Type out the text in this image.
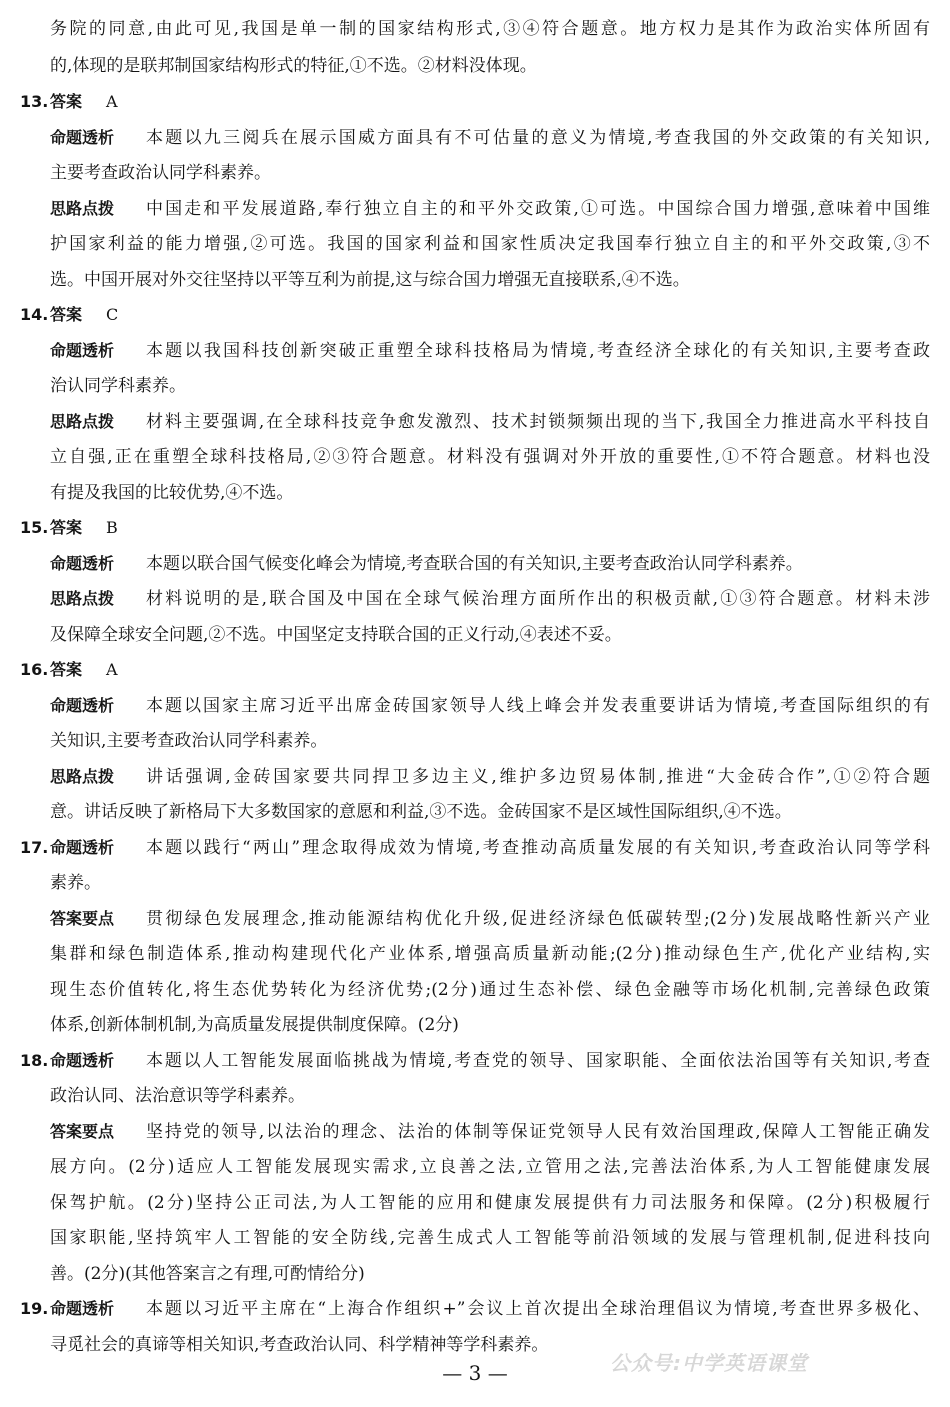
务院的同意,由此可见,我国是单一制的国家结构形式,③④符合题意。地方权力是其作为政治实体所固有
的,体现的是联邦制国家结构形式的特征,①不选。②材料没体现。
13. 答案 A
命题透析 本题以九三阅兵在展示国威方面具有不可估量的意义为情境,考查我国的外交政策的有关知识,
主要考查政治认同学科素养。
思路点拨 中国走和平发展道路,奉行独立自主的和平外交政策,①可选。中国综合国力增强,意味着中国维
护国家利益的能力增强,②可选。我国的国家利益和国家性质决定我国奉行独立自主的和平外交政策,③不
选。中国开展对外交往坚持以平等互利为前提,这与综合国力增强无直接联系,④不选。
14. 答案 C
命题透析 本题以我国科技创新突破正重塑全球科技格局为情境,考查经济全球化的有关知识,主要考查政
治认同学科素养。
思路点拨 材料主要强调,在全球科技竞争愈发激烈、技术封锁频频出现的当下,我国全力推进高水平科技自
立自强,正在重塑全球科技格局,②③符合题意。材料没有强调对外开放的重要性,①不符合题意。材料也没
有提及我国的比较优势,④不选。
15. 答案 B
命题透析 本题以联合国气候变化峰会为情境,考查联合国的有关知识,主要考查政治认同学科素养。
思路点拨 材料说明的是,联合国及中国在全球气候治理方面所作出的积极贡献,①③符合题意。材料未涉
及保障全球安全问题,②不选。中国坚定支持联合国的正义行动,④表述不妥。
16. 答案 A
命题透析 本题以国家主席习近平出席金砖国家领导人线上峰会并发表重要讲话为情境,考查国际组织的有
关知识,主要考查政治认同学科素养。
思路点拨 讲话强调,金砖国家要共同捍卫多边主义,维护多边贸易体制,推进“大金砖合作”,①②符合题
意。讲话反映了新格局下大多数国家的意愿和利益,③不选。金砖国家不是区域性国际组织,④不选。
17. 命题透析 本题以践行“两山”理念取得成效为情境,考查推动高质量发展的有关知识,考查政治认同等学科
素养。
答案要点 贯彻绿色发展理念,推动能源结构优化升级,促进经济绿色低碳转型;(2分)发展战略性新兴产业
集群和绿色制造体系,推动构建现代化产业体系,增强高质量新动能;(2分)推动绿色生产,优化产业结构,实
现生态价值转化,将生态优势转化为经济优势;(2分)通过生态补偿、绿色金融等市场化机制,完善绿色政策
体系,创新体制机制,为高质量发展提供制度保障。(2分)
18. 命题透析 本题以人工智能发展面临挑战为情境,考查党的领导、国家职能、全面依法治国等有关知识,考查
政治认同、法治意识等学科素养。
答案要点 坚持党的领导,以法治的理念、法治的体制等保证党领导人民有效治国理政,保障人工智能正确发
展方向。(2分)适应人工智能发展现实需求,立良善之法,立管用之法,完善法治体系,为人工智能健康发展
保驾护航。(2分)坚持公正司法,为人工智能的应用和健康发展提供有力司法服务和保障。(2分)积极履行
国家职能,坚持筑牢人工智能的安全防线,完善生成式人工智能等前沿领域的发展与管理机制,促进科技向
善。(2分)(其他答案言之有理,可酌情给分)
19. 命题透析 本题以习近平主席在“上海合作组织+”会议上首次提出全球治理倡议为情境,考查世界多极化、
寻觅社会的真谛等相关知识,考查政治认同、科学精神等学科素养。
公众号:中学英语课堂
— 3 —
